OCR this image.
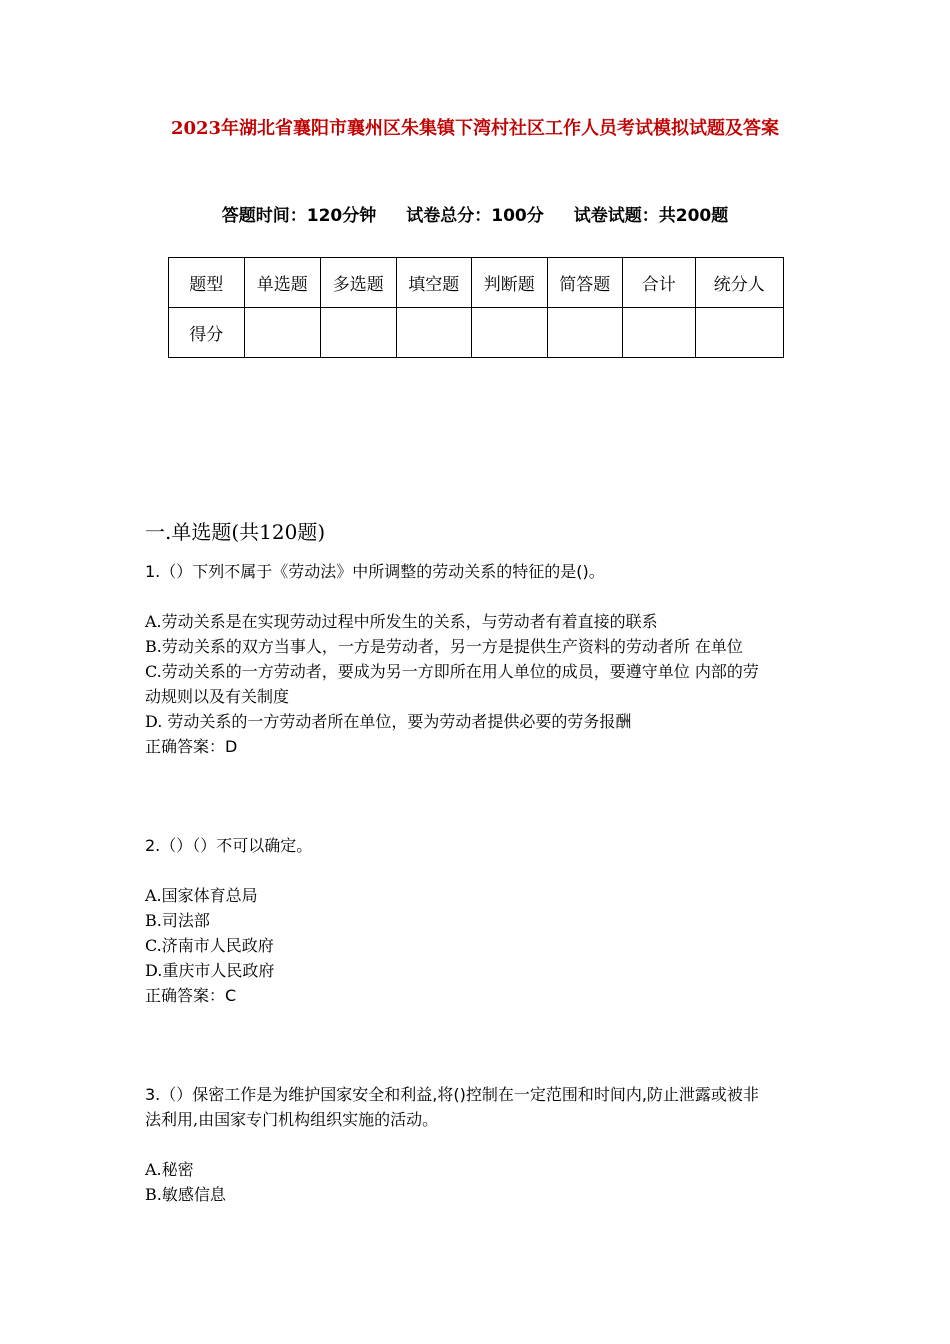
2023年湖北省襄阳市襄州区朱集镇下湾村社区工作人员考试模拟试题及答案
答题时间：120分钟 试卷总分：100分 试卷试题：共200题
题型	单选题	多选题	填空题	判断题	简答题	合计	统分人
得分							
一.单选题(共120题)
1.（）下列不属于《劳动法》中所调整的劳动关系的特征的是()。
A.劳动关系是在实现劳动过程中所发生的关系，与劳动者有着直接的联系
B.劳动关系的双方当事人，一方是劳动者，另一方是提供生产资料的劳动者所 在单位
C.劳动关系的一方劳动者，要成为另一方即所在用人单位的成员，要遵守单位 内部的劳
动规则以及有关制度
D. 劳动关系的一方劳动者所在单位，要为劳动者提供必要的劳务报酬
正确答案：D
2.（）（）不可以确定。
A.国家体育总局
B.司法部
C.济南市人民政府
D.重庆市人民政府
正确答案：C
3.（）保密工作是为维护国家安全和利益,将()控制在一定范围和时间内,防止泄露或被非
法利用,由国家专门机构组织实施的活动。
A.秘密
B.敏感信息
